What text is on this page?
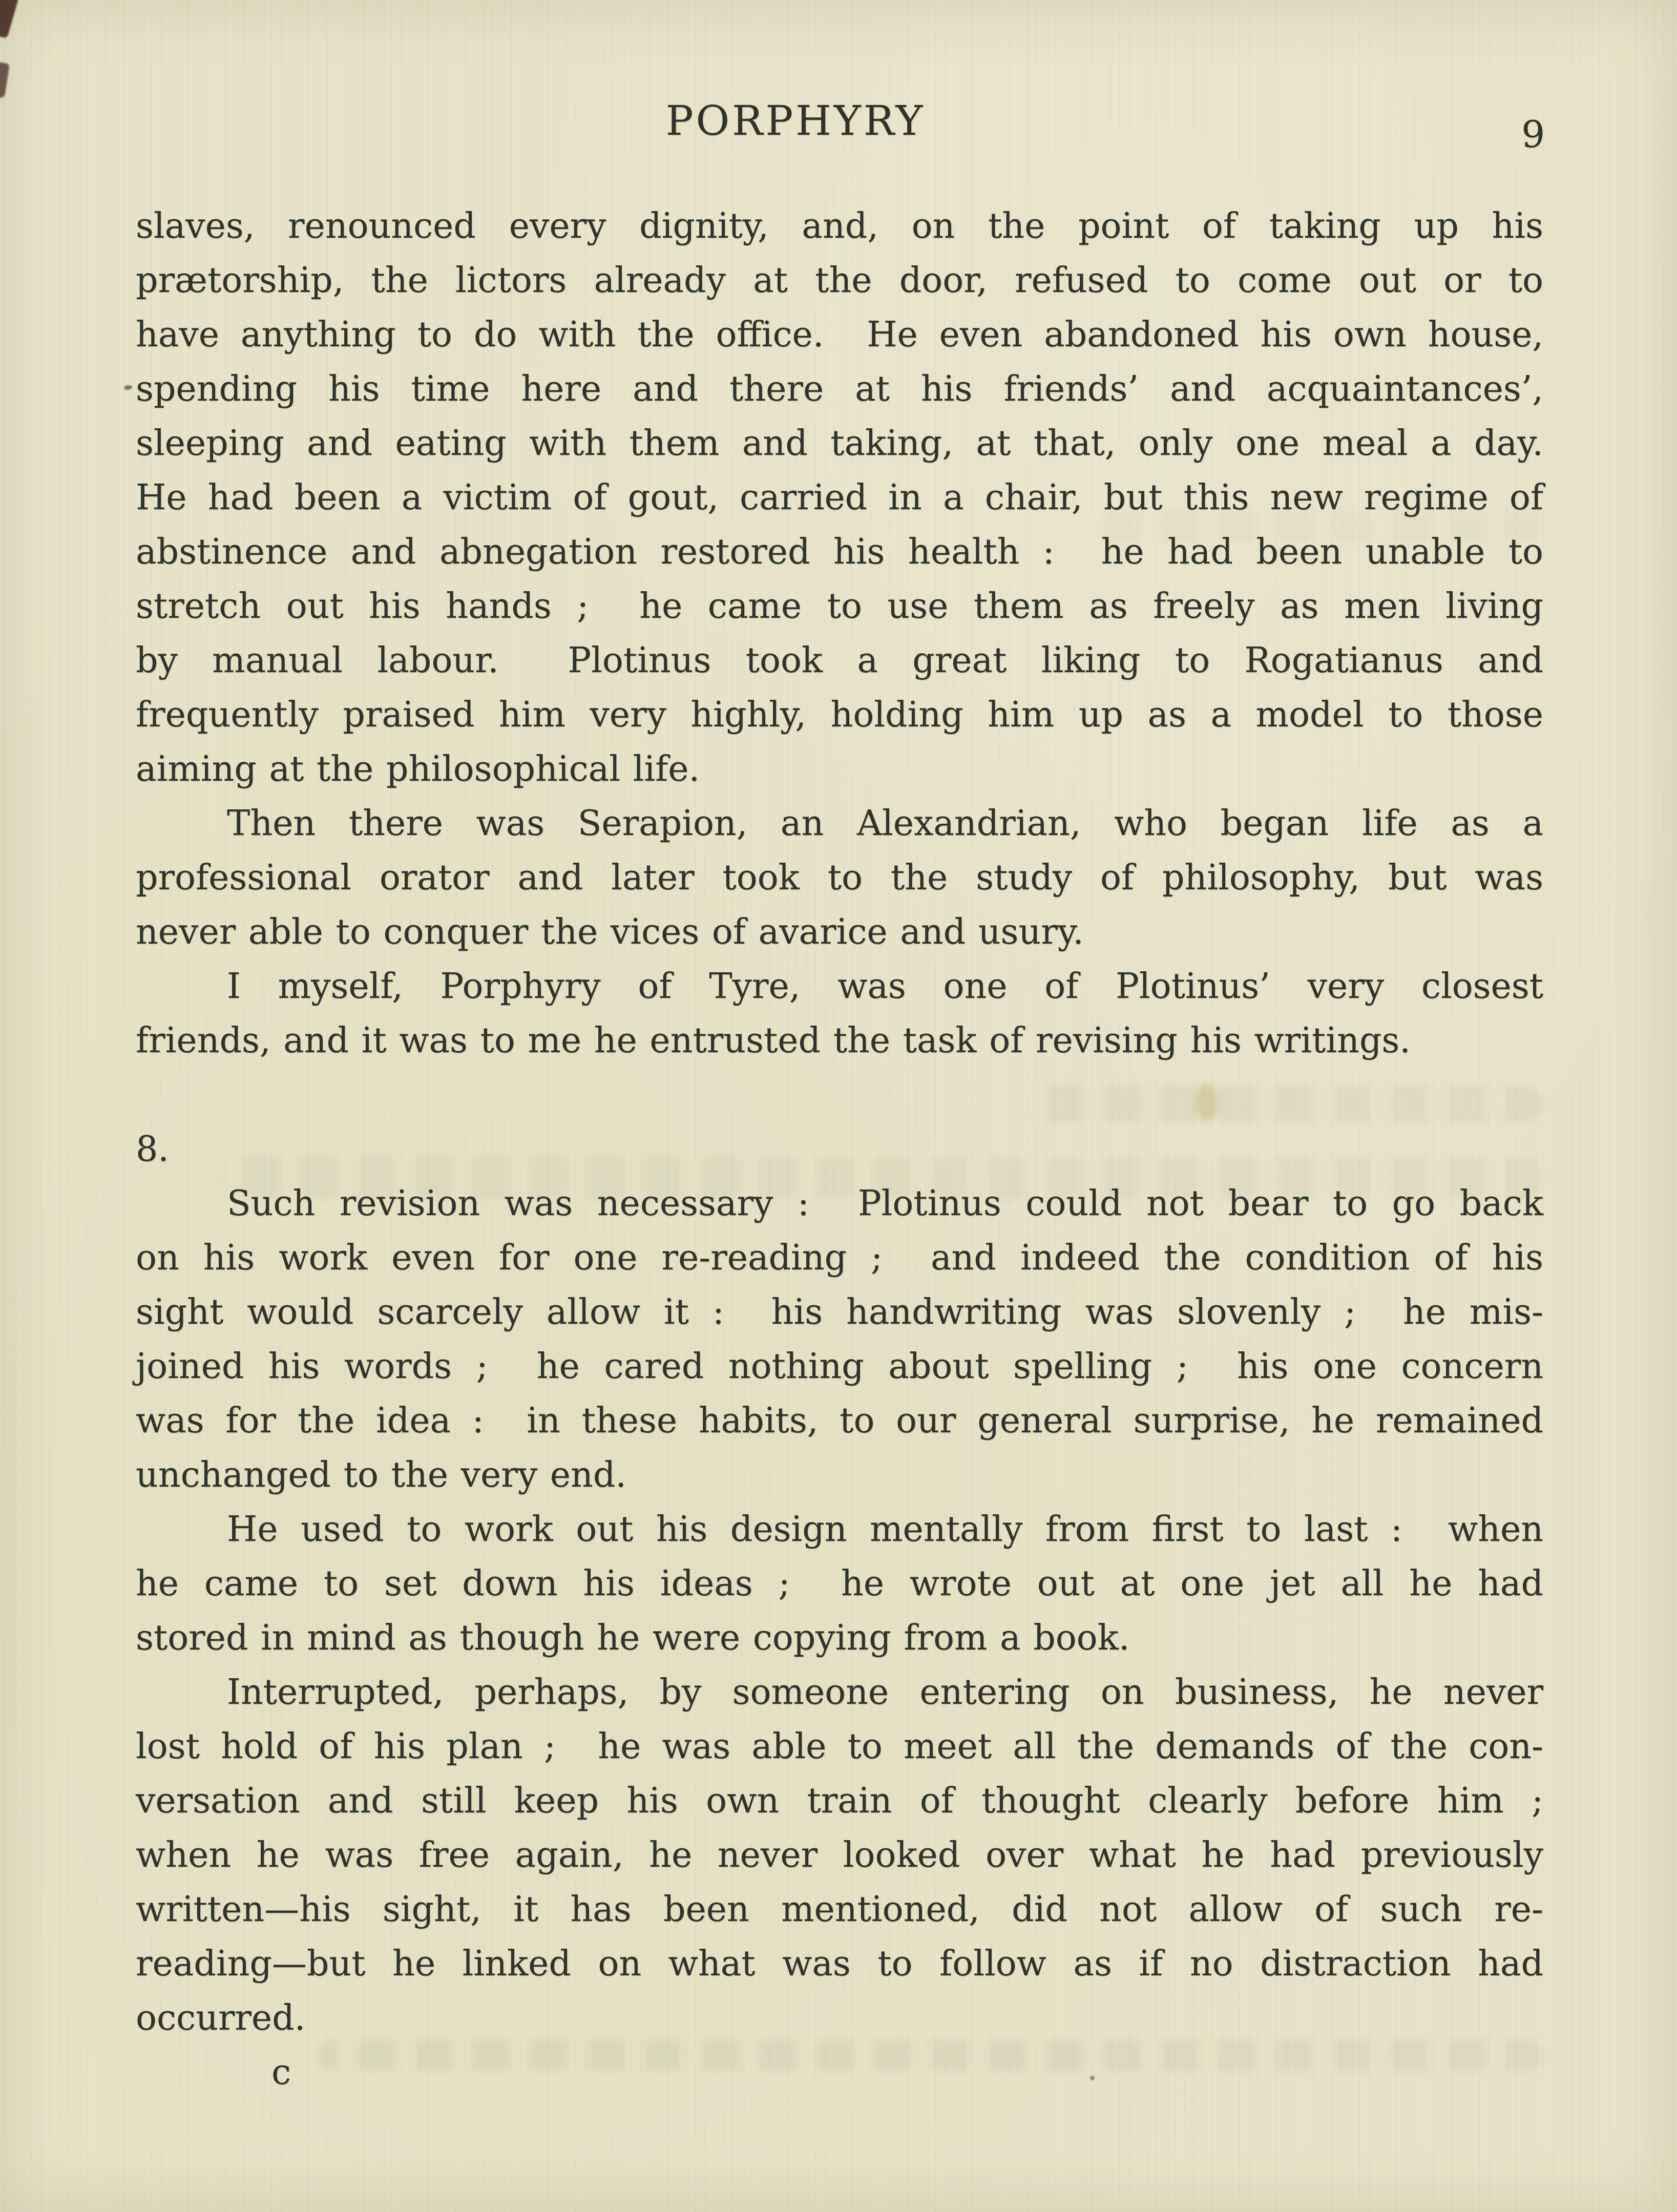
PORPHYRY	9
slaves, renounced every dignity, and, on the point of taking up his
prætorship, the lictors already at the door, refused to come out or to
have anything to do with the office.  He even abandoned his own house,
spending his time here and there at his friends’ and acquaintances’,
sleeping and eating with them and taking, at that, only one meal a day.
He had been a victim of gout, carried in a chair, but this new regime of
abstinence and abnegation restored his health :  he had been unable to
stretch out his hands ;  he came to use them as freely as men living
by manual labour.  Plotinus took a great liking to Rogatianus and
frequently praised him very highly, holding him up as a model to those
aiming at the philosophical life.
Then there was Serapion, an Alexandrian, who began life as a
professional orator and later took to the study of philosophy, but was
never able to conquer the vices of avarice and usury.
I myself, Porphyry of Tyre, was one of Plotinus’ very closest
friends, and it was to me he entrusted the task of revising his writings.
8.
Such revision was necessary :  Plotinus could not bear to go back
on his work even for one re-reading ;  and indeed the condition of his
sight would scarcely allow it :  his handwriting was slovenly ;  he mis-
joined his words ;  he cared nothing about spelling ;  his one concern
was for the idea :  in these habits, to our general surprise, he remained
unchanged to the very end.
He used to work out his design mentally from first to last :  when
he came to set down his ideas ;  he wrote out at one jet all he had
stored in mind as though he were copying from a book.
Interrupted, perhaps, by someone entering on business, he never
lost hold of his plan ;  he was able to meet all the demands of the con-
versation and still keep his own train of thought clearly before him ;
when he was free again, he never looked over what he had previously
written—his sight, it has been mentioned, did not allow of such re-
reading—but he linked on what was to follow as if no distraction had
occurred.
c
